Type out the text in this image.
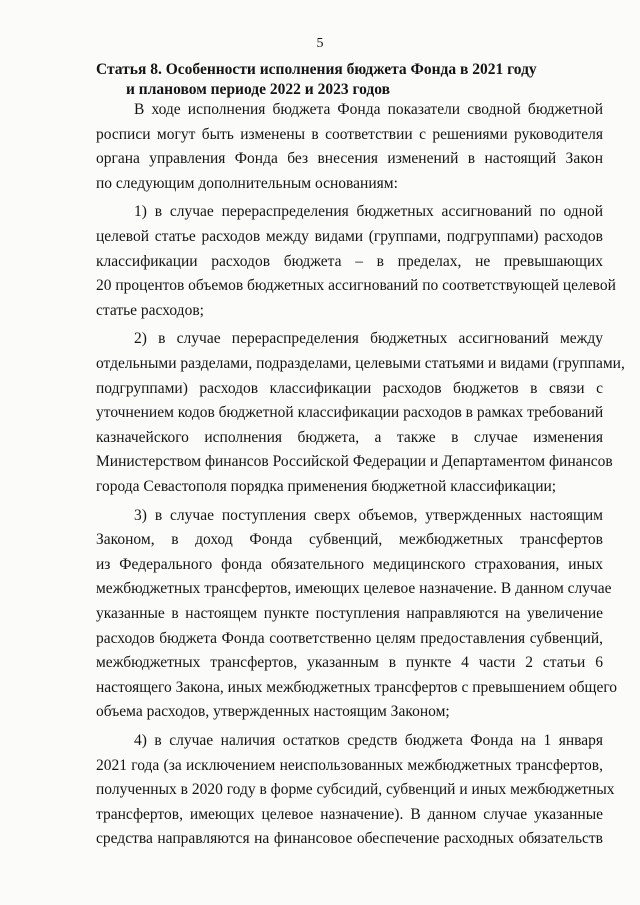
5
Статья 8. Особенности исполнения бюджета Фонда в 2021 году
и плановом периоде 2022 и 2023 годов
В ходе исполнения бюджета Фонда показатели сводной бюджетной
росписи могут быть изменены в соответствии с решениями руководителя
органа управления Фонда без внесения изменений в настоящий Закон
по следующим дополнительным основаниям:
1) в случае перераспределения бюджетных ассигнований по одной
целевой статье расходов между видами (группами, подгруппами) расходов
классификации расходов бюджета – в пределах, не превышающих
20 процентов объемов бюджетных ассигнований по соответствующей целевой
статье расходов;
2) в случае перераспределения бюджетных ассигнований между
отдельными разделами, подразделами, целевыми статьями и видами (группами,
подгруппами) расходов классификации расходов бюджетов в связи с
уточнением кодов бюджетной классификации расходов в рамках требований
казначейского исполнения бюджета, а также в случае изменения
Министерством финансов Российской Федерации и Департаментом финансов
города Севастополя порядка применения бюджетной классификации;
3) в случае поступления сверх объемов, утвержденных настоящим
Законом, в доход Фонда субвенций, межбюджетных трансфертов
из Федерального фонда обязательного медицинского страхования, иных
межбюджетных трансфертов, имеющих целевое назначение. В данном случае
указанные в настоящем пункте поступления направляются на увеличение
расходов бюджета Фонда соответственно целям предоставления субвенций,
межбюджетных трансфертов, указанным в пункте 4 части 2 статьи 6
настоящего Закона, иных межбюджетных трансфертов с превышением общего
объема расходов, утвержденных настоящим Законом;
4) в случае наличия остатков средств бюджета Фонда на 1 января
2021 года (за исключением неиспользованных межбюджетных трансфертов,
полученных в 2020 году в форме субсидий, субвенций и иных межбюджетных
трансфертов, имеющих целевое назначение). В данном случае указанные
средства направляются на финансовое обеспечение расходных обязательств
